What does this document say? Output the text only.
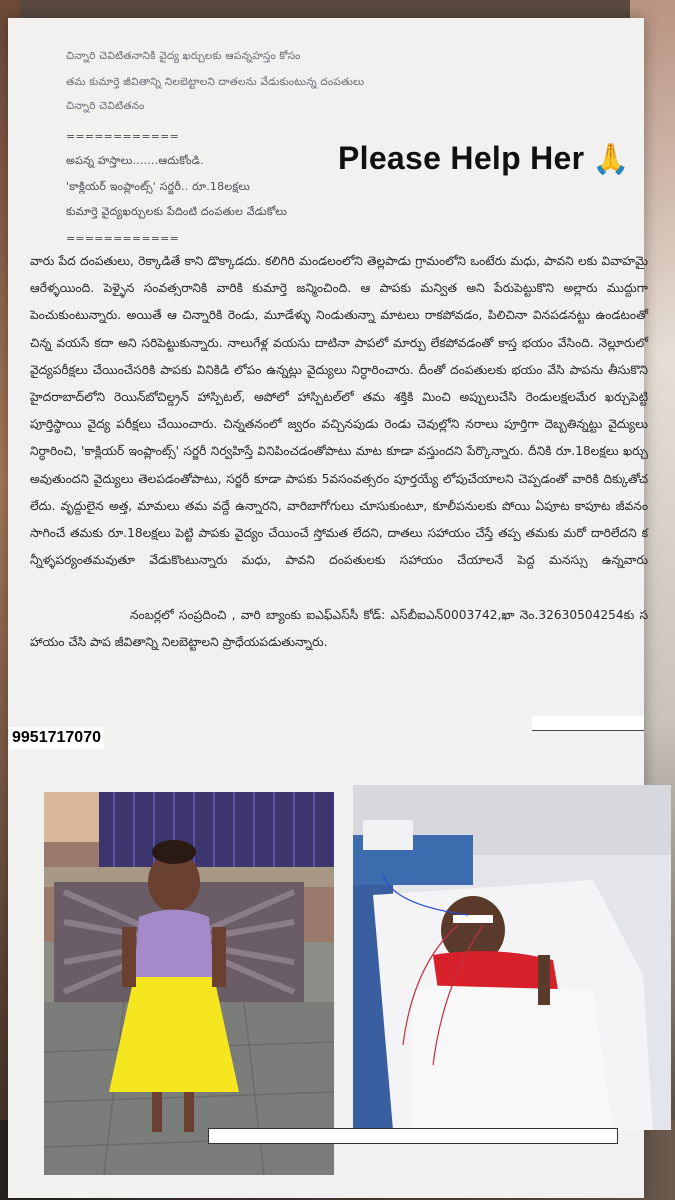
చిన్నారి చెవిటితనానికి వైద్య ఖర్చులకు ఆపన్నహస్తం కోసం
తమ కుమార్తె జీవితాన్ని నిలబెట్టాలని దాతలను వేడుకుంటున్న దంపతులు
చిన్నారి చెవిటితనం
============
అపన్న హస్తాలు.......ఆదుకోండి.
'కాక్లియర్ ఇంప్లాంట్స్' సర్జరీ.. రూ.18లక్షలు
కుమార్తె వైద్యఖర్చులకు పేదింటి దంపతుల వేడుకోలు
============
Please Help Her 🙏
వారు పేద దంపతులు, రెక్కాడితే కాని డొక్కాడదు. కలిగిరి మండలంలోని తెల్లపాడు గ్రామంలోని ఒంటేరు మధు, పావని లకు వివాహమై ఆరేళ్ళయింది. పెళ్ళైన సంవత్సరానికి వారికి కుమార్తె జన్మించింది. ఆ పాపకు మన్విత అని పేరుపెట్టుకొని అల్లారు ముద్దుగా పెంచుకుంటున్నారు. అయితే ఆ చిన్నారికి రెండు, మూడేళ్ళు నిండుతున్నా మాటలు రాకపోవడం, పిలిచినా వినపడనట్టు ఉండటంతో చిన్న వయసే కదా అని సరిపెట్టుకున్నారు. నాలుగేళ్ల వయసు దాటినా పాపలో మార్పు లేకపోవడంతో కాస్త భయం వేసింది. నెల్లూరులో వైద్యపరీక్షలు చేయించేసరికి పాపకు వినికిడి లోపం ఉన్నట్లు వైద్యులు నిర్ధారించారు. దీంతో దంపతులకు భయం వేసి పాపను తీసుకొని హైదరాబాద్‌లోని రెయిన్‌బోచిల్డ్రన్ హాస్పిటల్, అపోలో హాస్పిటల్‌లో తమ శక్తికి మించి అప్పులుచేసి రెండులక్షలమేర ఖర్చుపెట్టి పూర్తిస్థాయి వైద్య పరీక్షలు చేయించారు. చిన్నతనంలో జ్వరం వచ్చినపుడు రెండు చెవుల్లోని నరాలు పూర్తిగా దెబ్బతిన్నట్టు వైద్యులు నిర్ధారించి, 'కాక్లియర్ ఇంప్లాంట్స్' సర్జరీ నిర్వహిస్తే వినిపించడంతోపాటు మాట కూడా వస్తుందని పేర్కొన్నారు. దీనికి రూ.18లక్షలు ఖర్చు అవుతుందని వైద్యులు తెలపడంతోపాటు, సర్జరీ కూడా పాపకు 5వసంవత్సరం పూర్తయ్యే లోపుచేయాలని చెప్పడంతో వారికి దిక్కుతోచలేదు. వృద్దులైన అత్త, మామలు తమ వద్దే ఉన్నారని, వారిబాగోగులు చూసుకుంటూ, కూలీపనులకు పోయి ఏపూట కాపూట జీవనం సాగించే తమకు రూ.18లక్షలు పెట్టి పాపకు వైద్యం చేయించే స్తోమత లేదని, దాతలు సహాయం చేస్తే తప్ప తమకు మరో దారిలేదని కన్నీళ్ళపర్యంతమవుతూ వేడుకొంటున్నారు మధు, పావని దంపతులకు సహాయం చేయాలనే పెద్ద మనస్సు ఉన్నవారు
నంబర్లలో సంప్రదించి , వారి బ్యాంకు ఐఎఫ్ఎస్‌సీ కోడ్: ఎస్‌బీఐఎన్0003742,ఖా నెం.32630504254కు సహాయం చేసి పాప జీవితాన్ని నిలబెట్టాలని ప్రాధేయపడుతున్నారు.
9951717070
